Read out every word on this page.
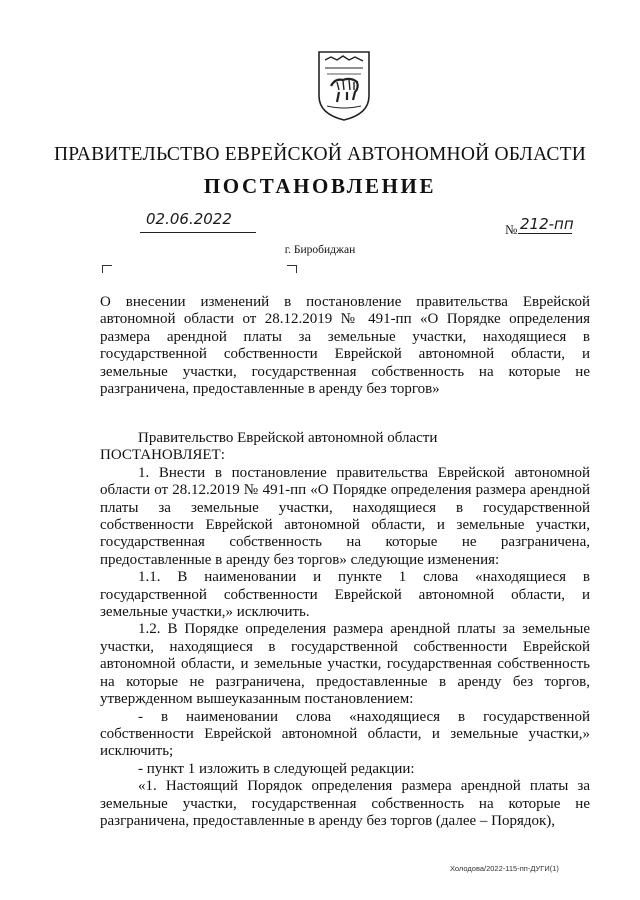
ПРАВИТЕЛЬСТВО ЕВРЕЙСКОЙ АВТОНОМНОЙ ОБЛАСТИ
ПОСТАНОВЛЕНИЕ
02.06.2022
№ 212-пп
г. Биробиджан
О внесении изменений в постановление правительства Еврейской автономной области от 28.12.2019 № 491-пп «О Порядке определения размера арендной платы за земельные участки, находящиеся в государственной собственности Еврейской автономной области, и земельные участки, государственная собственность на которые не разграничена, предоставленные в аренду без торгов»

Правительство Еврейской автономной области

ПОСТАНОВЛЯЕТ:

1. Внести в постановление правительства Еврейской автономной области от 28.12.2019 № 491-пп «О Порядке определения размера арендной платы за земельные участки, находящиеся в государственной собственности Еврейской автономной области, и земельные участки, государственная собственность на которые не разграничена, предоставленные в аренду без торгов» следующие изменения:

1.1. В наименовании и пункте 1 слова «находящиеся в государственной собственности Еврейской автономной области, и земельные участки,» исключить.

1.2. В Порядке определения размера арендной платы за земельные участки, находящиеся в государственной собственности Еврейской автономной области, и земельные участки, государственная собственность на которые не разграничена, предоставленные в аренду без торгов, утвержденном вышеуказанным постановлением:

- в наименовании слова «находящиеся в государственной собственности Еврейской автономной области, и земельные участки,» исключить;

- пункт 1 изложить в следующей редакции:

«1. Настоящий Порядок определения размера арендной платы за земельные участки, государственная собственность на которые не разграничена, предоставленные в аренду без торгов (далее – Порядок),

Холодова/2022-115-пп-ДУГИ(1)
